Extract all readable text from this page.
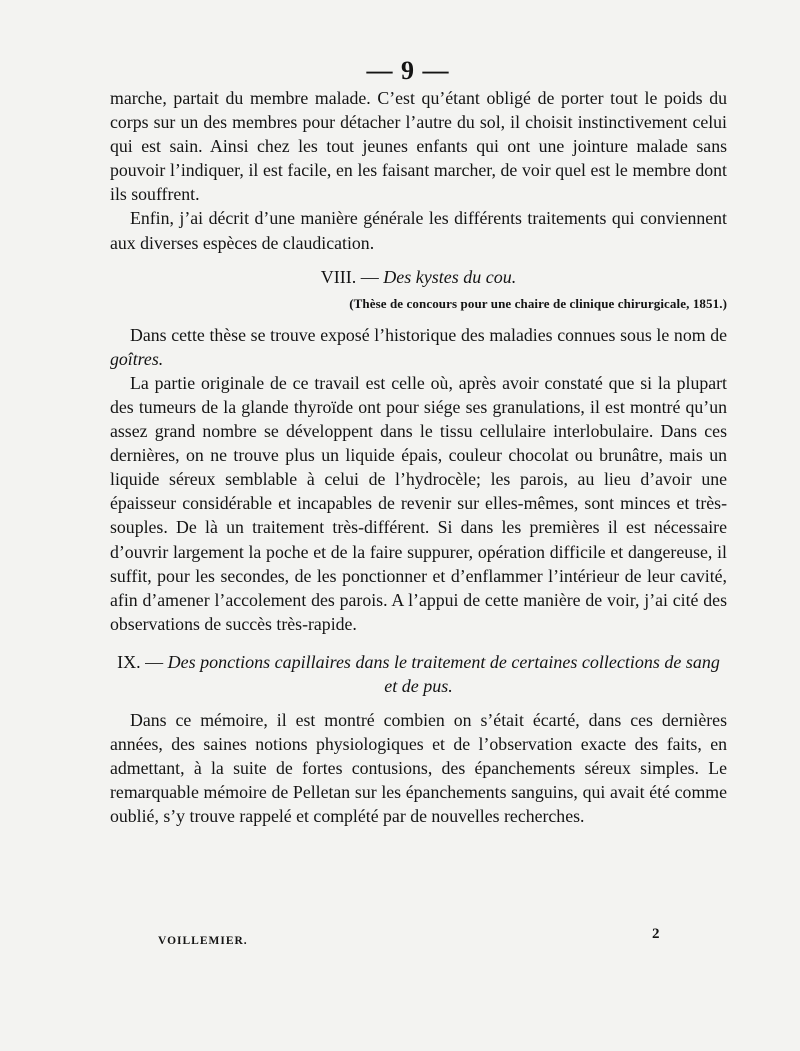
— 9 —

marche, partait du membre malade. C’est qu’étant obligé de porter tout le poids du corps sur un des membres pour détacher l’autre du sol, il choisit instinctivement celui qui est sain. Ainsi chez les tout jeunes enfants qui ont une jointure malade sans pouvoir l’indiquer, il est facile, en les faisant marcher, de voir quel est le membre dont ils souffrent.

Enfin, j’ai décrit d’une manière générale les différents traitements qui conviennent aux diverses espèces de claudication.

VIII. — Des kystes du cou.
(Thèse de concours pour une chaire de clinique chirurgicale, 1851.)

Dans cette thèse se trouve exposé l’historique des maladies connues sous le nom de goîtres.

La partie originale de ce travail est celle où, après avoir constaté que si la plupart des tumeurs de la glande thyroïde ont pour siége ses granulations, il est montré qu’un assez grand nombre se développent dans le tissu cellulaire interlobulaire. Dans ces dernières, on ne trouve plus un liquide épais, couleur chocolat ou brunâtre, mais un liquide séreux semblable à celui de l’hydrocèle; les parois, au lieu d’avoir une épaisseur considérable et incapables de revenir sur elles-mêmes, sont minces et très-souples. De là un traitement très-différent. Si dans les premières il est nécessaire d’ouvrir largement la poche et de la faire suppurer, opération difficile et dangereuse, il suffit, pour les secondes, de les ponctionner et d’enflammer l’intérieur de leur cavité, afin d’amener l’accolement des parois. A l’appui de cette manière de voir, j’ai cité des observations de succès très-rapide.

IX. — Des ponctions capillaires dans le traitement de certaines collections de sang et de pus.

Dans ce mémoire, il est montré combien on s’était écarté, dans ces dernières années, des saines notions physiologiques et de l’observation exacte des faits, en admettant, à la suite de fortes contusions, des épanchements séreux simples. Le remarquable mémoire de Pelletan sur les épanchements sanguins, qui avait été comme oublié, s’y trouve rappelé et complété par de nouvelles recherches.

VOILLEMIER.	2
